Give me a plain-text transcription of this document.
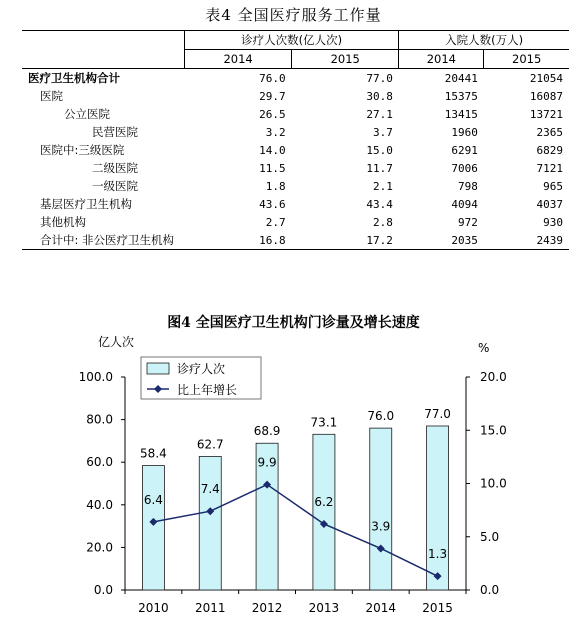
表4 全国医疗服务工作量
	诊疗人次数(亿人次)		入院人数(万人)	
	2014	2015	2014	2015
医疗卫生机构合计	76.0	77.0	20441	21054
医院	29.7	30.8	15375	16087
公立医院	26.5	27.1	13415	13721
民营医院	3.2	3.7	1960	2365
医院中:三级医院	14.0	15.0	6291	6829
二级医院	11.5	11.7	7006	7121
一级医院	1.8	2.1	798	965
基层医疗卫生机构	43.6	43.4	4094	4037
其他机构	2.7	2.8	972	930
合计中: 非公医疗卫生机构	16.8	17.2	2035	2439
图4 全国医疗卫生机构门诊量及增长速度
0.0
20.0
40.0
60.0
80.0
100.0
0.0
5.0
10.0
15.0
20.0
亿人次	%
58.4
62.7
68.9
73.1	76.0	77.0
2010 2011 2012 2013 2014 2015
6.4
7.4
9.9
6.2
3.9
1.3
诊疗人次
比上年增长
